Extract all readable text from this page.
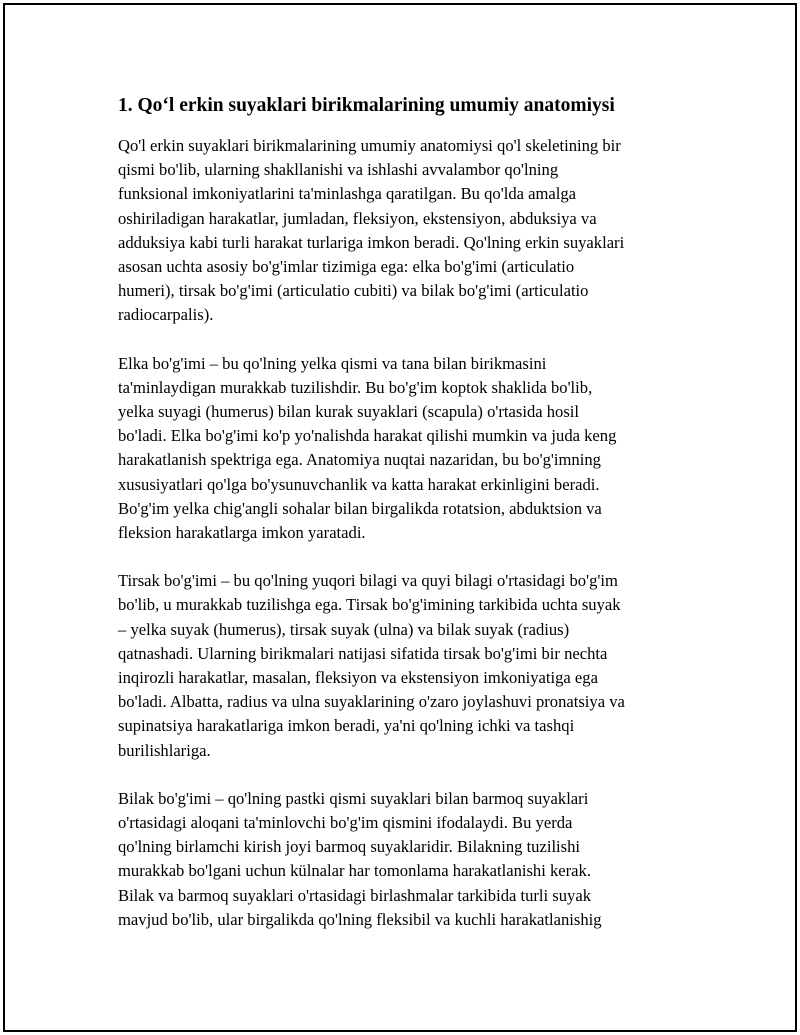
1. Qo‘l erkin suyaklari birikmalarining umumiy anatomiysi

Qo'l erkin suyaklari birikmalarining umumiy anatomiysi qo'l skeletining bir
qismi bo'lib, ularning shakllanishi va ishlashi avvalambor qo'lning
funksional imkoniyatlarini ta'minlashga qaratilgan. Bu qo'lda amalga
oshiriladigan harakatlar, jumladan, fleksiyon, ekstensiyon, abduksiya va
adduksiya kabi turli harakat turlariga imkon beradi. Qo'lning erkin suyaklari
asosan uchta asosiy bo'g'imlar tizimiga ega: elka bo'g'imi (articulatio
humeri), tirsak bo'g'imi (articulatio cubiti) va bilak bo'g'imi (articulatio
radiocarpalis).

Elka bo'g'imi – bu qo'lning yelka qismi va tana bilan birikmasini
ta'minlaydigan murakkab tuzilishdir. Bu bo'g'im koptok shaklida bo'lib,
yelka suyagi (humerus) bilan kurak suyaklari (scapula) o'rtasida hosil
bo'ladi. Elka bo'g'imi ko'p yo'nalishda harakat qilishi mumkin va juda keng
harakatlanish spektriga ega. Anatomiya nuqtai nazaridan, bu bo'g'imning
xususiyatlari qo'lga bo'ysunuvchanlik va katta harakat erkinligini beradi.
Bo'g'im yelka chig'angli sohalar bilan birgalikda rotatsion, abduktsion va
fleksion harakatlarga imkon yaratadi.

Tirsak bo'g'imi – bu qo'lning yuqori bilagi va quyi bilagi o'rtasidagi bo'g'im
bo'lib, u murakkab tuzilishga ega. Tirsak bo'g'imining tarkibida uchta suyak
– yelka suyak (humerus), tirsak suyak (ulna) va bilak suyak (radius)
qatnashadi. Ularning birikmalari natijasi sifatida tirsak bo'g'imi bir nechta
inqirozli harakatlar, masalan, fleksiyon va ekstensiyon imkoniyatiga ega
bo'ladi. Albatta, radius va ulna suyaklarining o'zaro joylashuvi pronatsiya va
supinatsiya harakatlariga imkon beradi, ya'ni qo'lning ichki va tashqi
burilishlariga.

Bilak bo'g'imi – qo'lning pastki qismi suyaklari bilan barmoq suyaklari
o'rtasidagi aloqani ta'minlovchi bo'g'im qismini ifodalaydi. Bu yerda
qo'lning birlamchi kirish joyi barmoq suyaklaridir. Bilakning tuzilishi
murakkab bo'lgani uchun külnalar har tomonlama harakatlanishi kerak.
Bilak va barmoq suyaklari o'rtasidagi birlashmalar tarkibida turli suyak
mavjud bo'lib, ular birgalikda qo'lning fleksibil va kuchli harakatlanishig
